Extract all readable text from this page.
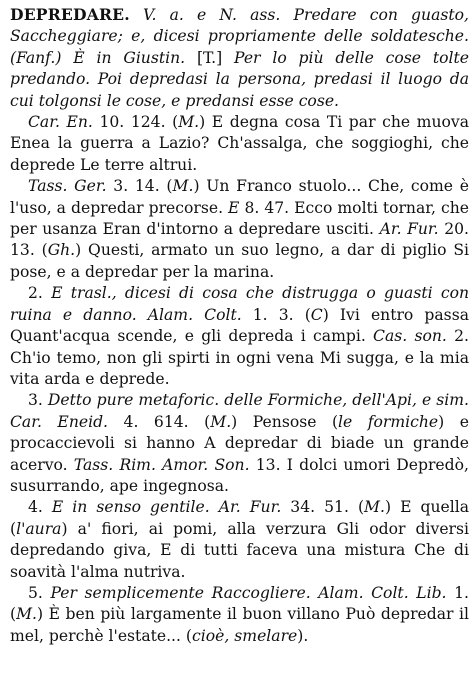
DEPREDARE. V. a. e N. ass. Predare con guasto, Saccheggiare; e, dicesi propriamente delle soldatesche. (Fanf.) È in Giustin. [T.] Per lo più delle cose tolte predando. Poi depredasi la persona, predasi il luogo da cui tolgonsi le cose, e predansi esse cose.

Car. En. 10. 124. (M.) E degna cosa Ti par che muova Enea la guerra a Lazio? Ch'assalga, che soggioghi, che deprede Le terre altrui.

Tass. Ger. 3. 14. (M.) Un Franco stuolo... Che, come è l'uso, a depredar precorse. E 8. 47. Ecco molti tornar, che per usanza Eran d'intorno a depredare usciti. Ar. Fur. 20. 13. (Gh.) Questi, armato un suo legno, a dar di piglio Si pose, e a depredar per la marina.

2. E trasl., dicesi di cosa che distrugga o guasti con ruina e danno. Alam. Colt. 1. 3. (C) Ivi entro passa Quant'acqua scende, e gli depreda i campi. Cas. son. 2. Ch'io temo, non gli spirti in ogni vena Mi sugga, e la mia vita arda e deprede.

3. Detto pure metaforic. delle Formiche, dell'Api, e sim. Car. Eneid. 4. 614. (M.) Pensose (le formiche) e procaccievoli si hanno A depredar di biade un grande acervo. Tass. Rim. Amor. Son. 13. I dolci umori Depredò, susurrando, ape ingegnosa.

4. E in senso gentile. Ar. Fur. 34. 51. (M.) E quella (l'aura) a' fiori, ai pomi, alla verzura Gli odor diversi depredando giva, E di tutti faceva una mistura Che di soavità l'alma nutriva.

5. Per semplicemente Raccogliere. Alam. Colt. Lib. 1. (M.) È ben più largamente il buon villano Può depredar il mel, perchè l'estate... (cioè, smelare).
